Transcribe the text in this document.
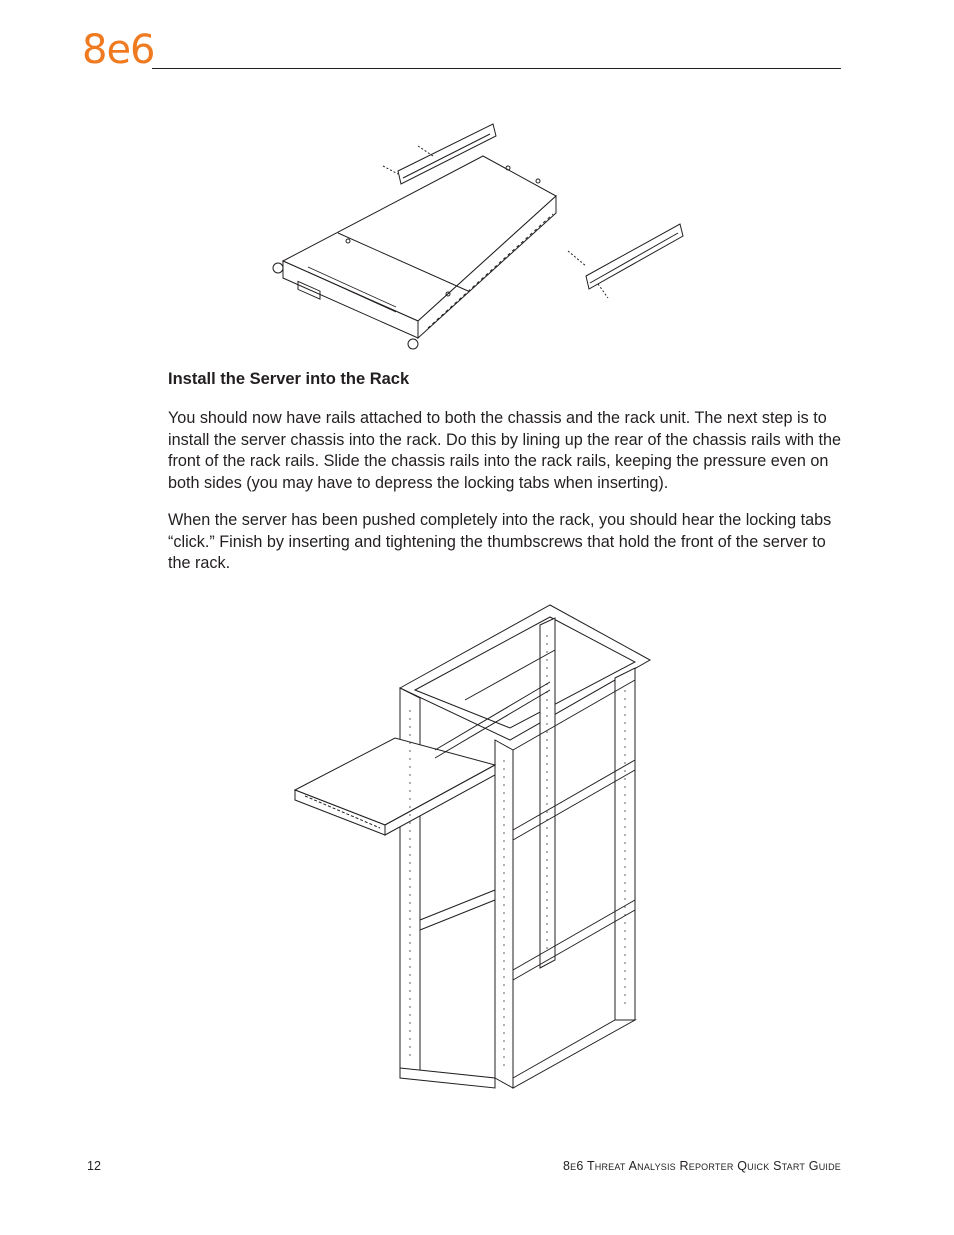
8e6
Install the Server into the Rack

You should now have rails attached to both the chassis and the rack unit. The next step is to install the server chassis into the rack. Do this by lining up the rear of the chassis rails with the front of the rack rails. Slide the chassis rails into the rack rails, keeping the pressure even on both sides (you may have to depress the locking tabs when inserting).

When the server has been pushed completely into the rack, you should hear the locking tabs “click.” Finish by inserting and tightening the thumbscrews that hold the front of the server to the rack.

12	8e6 Threat Analysis Reporter Quick Start Guide
